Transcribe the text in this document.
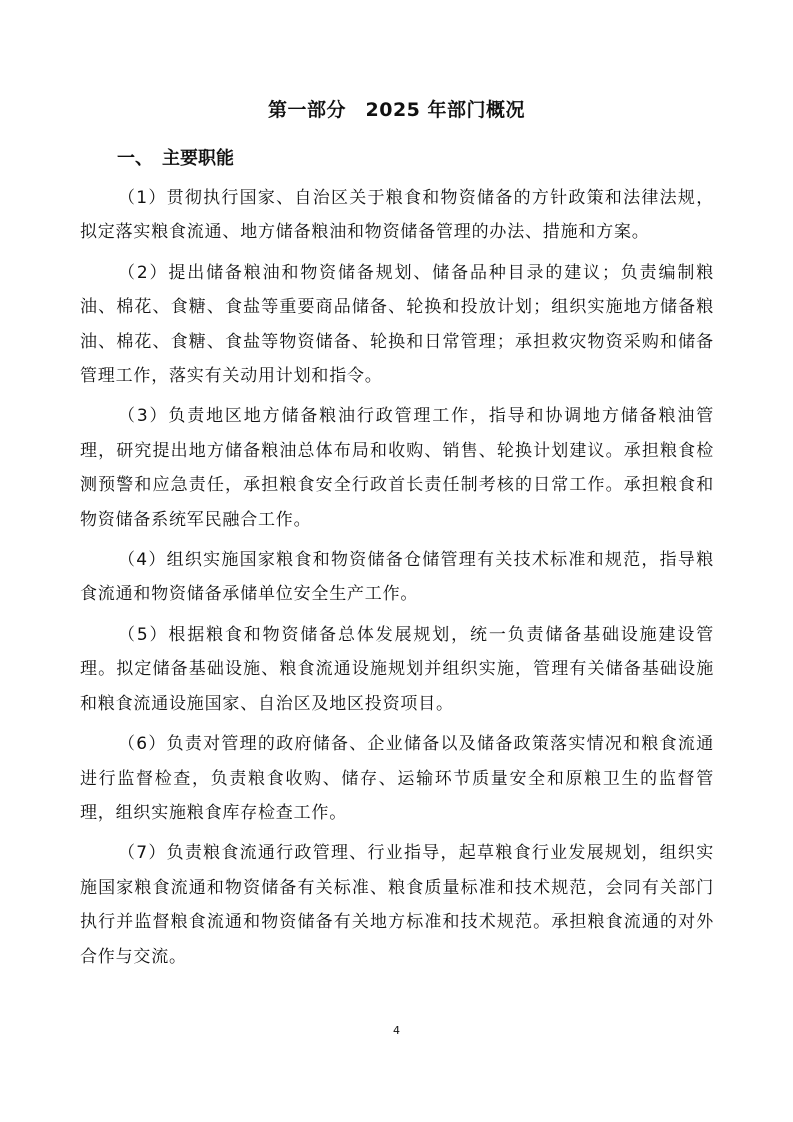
第一部分　2025 年部门概况
一、　主要职能

（1）贯彻执行国家、自治区关于粮食和物资储备的方针政策和法律法规，拟定落实粮食流通、地方储备粮油和物资储备管理的办法、措施和方案。

（2）提出储备粮油和物资储备规划、储备品种目录的建议；负责编制粮油、棉花、食糖、食盐等重要商品储备、轮换和投放计划；组织实施地方储备粮油、棉花、食糖、食盐等物资储备、轮换和日常管理；承担救灾物资采购和储备管理工作，落实有关动用计划和指令。

（3）负责地区地方储备粮油行政管理工作，指导和协调地方储备粮油管理，研究提出地方储备粮油总体布局和收购、销售、轮换计划建议。承担粮食检测预警和应急责任，承担粮食安全行政首长责任制考核的日常工作。承担粮食和物资储备系统军民融合工作。

（4）组织实施国家粮食和物资储备仓储管理有关技术标准和规范，指导粮食流通和物资储备承储单位安全生产工作。

（5）根据粮食和物资储备总体发展规划，统一负责储备基础设施建设管理。拟定储备基础设施、粮食流通设施规划并组织实施，管理有关储备基础设施和粮食流通设施国家、自治区及地区投资项目。

（6）负责对管理的政府储备、企业储备以及储备政策落实情况和粮食流通进行监督检查，负责粮食收购、储存、运输环节质量安全和原粮卫生的监督管理，组织实施粮食库存检查工作。

（7）负责粮食流通行政管理、行业指导，起草粮食行业发展规划，组织实施国家粮食流通和物资储备有关标准、粮食质量标准和技术规范，会同有关部门执行并监督粮食流通和物资储备有关地方标准和技术规范。承担粮食流通的对外合作与交流。

4
